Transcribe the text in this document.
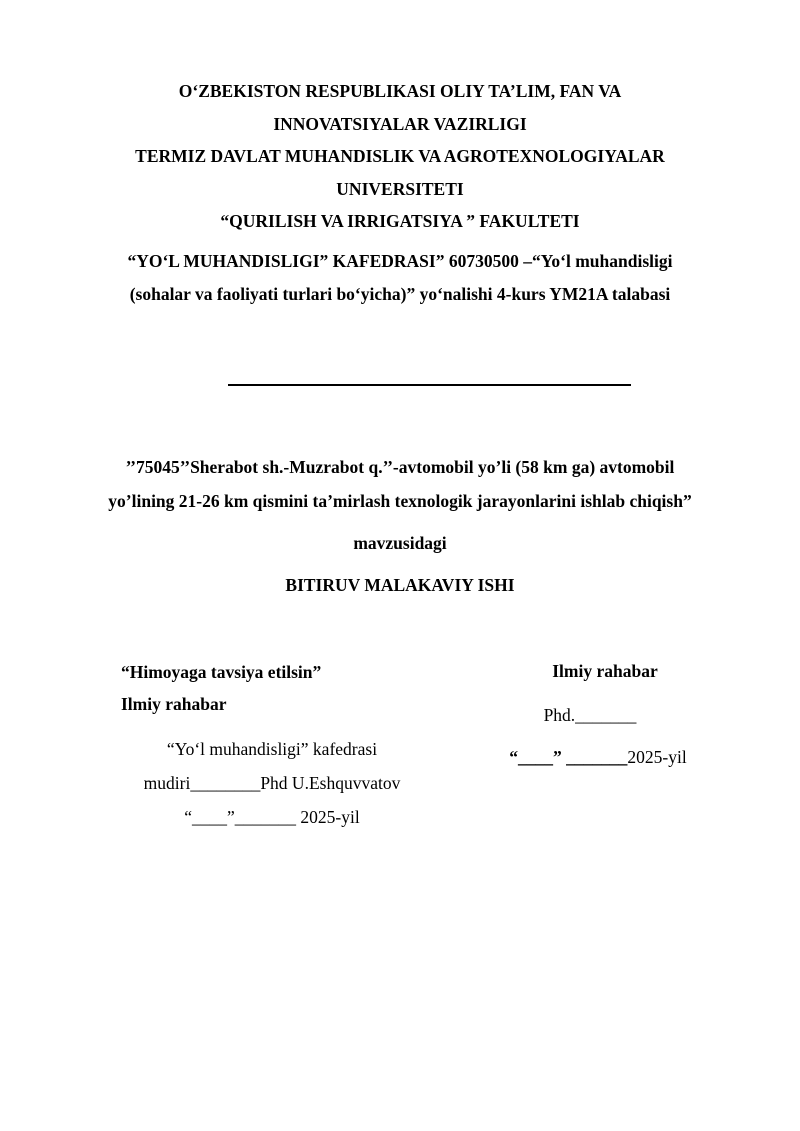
O‘ZBEKISTON RESPUBLIKASI OLIY TA’LIM, FAN VA
INNOVATSIYALAR VAZIRLIGI
TERMIZ DAVLAT MUHANDISLIK VA AGROTEXNOLOGIYALAR
UNIVERSITETI
“QURILISH VA IRRIGATSIYA ” FAKULTETI
“YO‘L MUHANDISLIGI” KAFEDRASI” 60730500 –“Yo‘l muhandisligi
(sohalar va faoliyati turlari bo‘yicha)” yo‘nalishi 4-kurs YM21A talabasi
’’75045’’Sherabot sh.-Muzrabot q.’’-avtomobil yo’li (58 km ga) avtomobil
yo’lining 21-26 km qismini ta’mirlash texnologik jarayonlarini ishlab chiqish”
mavzusidagi
BITIRUV MALAKAVIY ISHI
“Himoyaga tavsiya etilsin”
Ilmiy rahabar
“Yo‘l muhandisligi” kafedrasi
mudiri________Phd U.Eshquvvatov
“____”_______ 2025-yil
Ilmiy rahabar
Phd._______
“____” _______2025-yil
